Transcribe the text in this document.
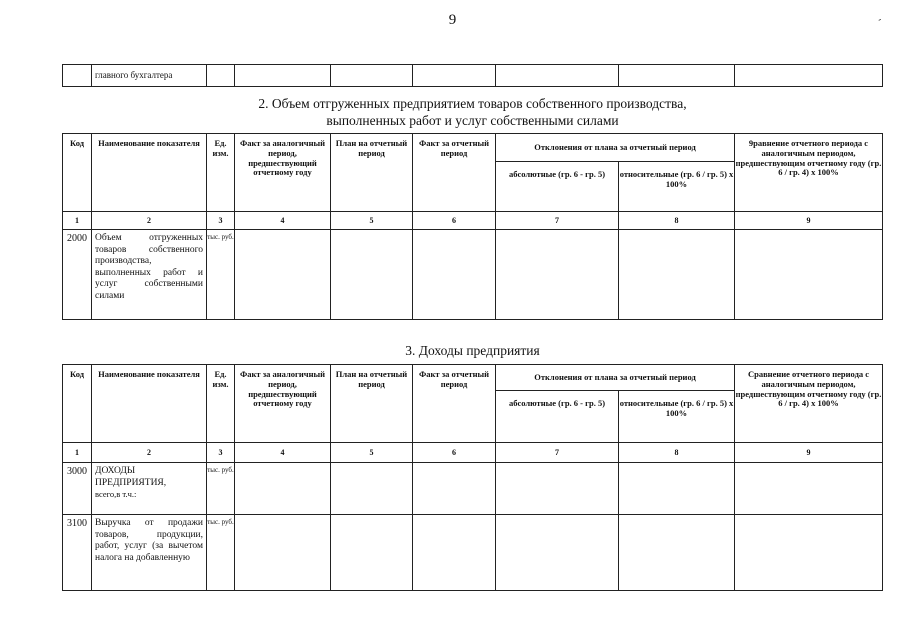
9	-
	главного бухгалтера							
2. Объем отгруженных предприятием товаров собственного производства,
выполненных работ и услуг собственными силами
Код	Наименование показателя	Ед. изм.	Факт за аналогичный период, предшествующий отчетному году	План на отчетный период	Факт за отчетный период	Отклонения от плана за отчетный период		9равнение отчетного периода с аналогичным периодом, предшествующим отчетному году (гр. 6 / гр. 4) х 100%
						абсолютные (гр. 6 - гр. 5)	относительные (гр. 6 / гр. 5) х 100%	
1	2	3	4	5	6	7	8	9
2000	Объем отгруженных товаров собственного производства, выполненных работ и услуг собственными силами	тыс. руб.						
3. Доходы предприятия
Код	Наименование показателя	Ед. изм.	Факт за аналогичный период, предшествующий отчетному году	План на отчетный период	Факт за отчетный период	Отклонения от плана за отчетный период		Сравнение отчетного периода с аналогичным периодом, предшествующим отчетному году (гр. 6 / гр. 4) х 100%
						абсолютные (гр. 6 - гр. 5)	относительные (гр. 6 / гр. 5) х 100%	
1	2	3	4	5	6	7	8	9
3000	ДОХОДЫ ПРЕДПРИЯТИЯ,
всего,в т.ч.:	тыс. руб.						
3100	Выручка от продажи товаров, продукции, работ, услуг (за вычетом налога на добавленную	тыс. руб.						
